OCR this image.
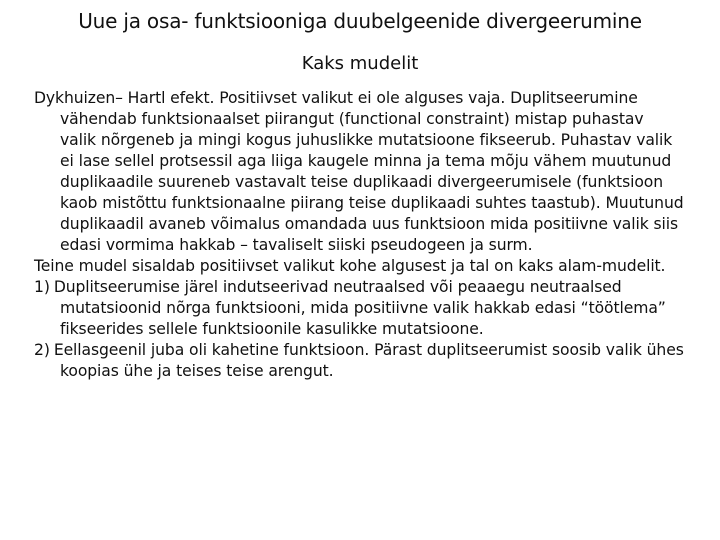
Uue ja osa- funktsiooniga duubelgeenide divergeerumine
Kaks mudelit

Dykhuizen– Hartl efekt. Positiivset valikut ei ole alguses vaja. Duplitseerumine vähendab funktsionaalset piirangut (functional constraint) mistap puhastav valik nõrgeneb ja mingi kogus juhuslikke mutatsioone fikseerub. Puhastav valik ei lase sellel protsessil aga liiga kaugele minna ja tema mõju vähem muutunud duplikaadile suureneb vastavalt teise duplikaadi divergeerumisele (funktsioon kaob mistõttu funktsionaalne piirang teise duplikaadi suhtes taastub). Muutunud duplikaadil avaneb võimalus omandada uus funktsioon mida positiivne valik siis edasi vormima hakkab – tavaliselt siiski pseudogeen ja surm.

Teine mudel sisaldab positiivset valikut kohe algusest ja tal on kaks alam-mudelit.

1) Duplitseerumise järel indutseerivad neutraalsed või peaaegu neutraalsed mutatsioonid nõrga funktsiooni, mida positiivne valik hakkab edasi “töötlema” fikseerides sellele funktsioonile kasulikke mutatsioone.

2) Eellasgeenil juba oli kahetine funktsioon. Pärast duplitseerumist soosib valik ühes koopias ühe ja teises teise arengut.
